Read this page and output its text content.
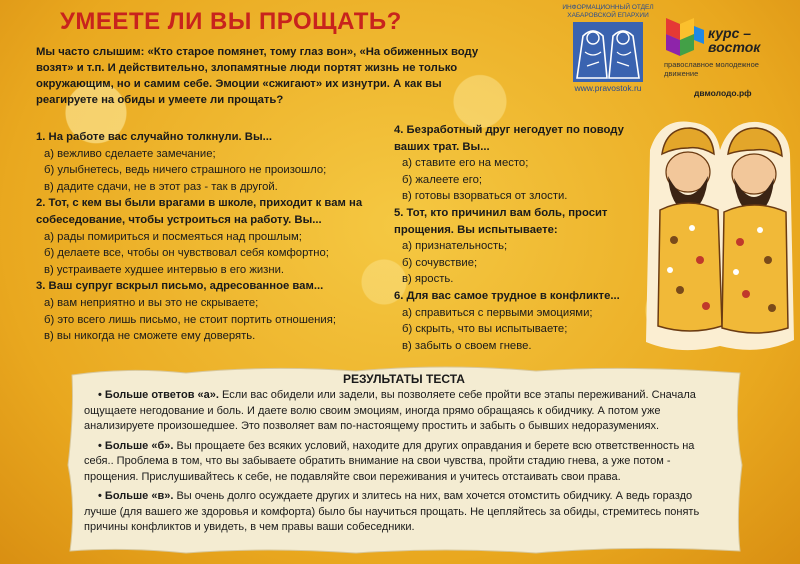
УМЕЕТЕ ЛИ ВЫ ПРОЩАТЬ?

Мы часто слышим: «Кто старое помянет, тому глаз вон», «На обиженных воду возят» и т.п. И действительно, злопамятные люди портят жизнь не только окружающим, но и самим себе. Эмоции «сжигают» их изнутри. А как вы реагируете на обиды и умеете ли прощать?

ИНФОРМАЦИОННЫЙ ОТДЕЛ ХАБАРОВСКОЙ ЕПАРХИИ
www.pravostok.ru
курс –
восток
православное молодежное движение
двмолодо.рф
1. На работе вас случайно толкнули. Вы...
а) вежливо сделаете замечание;
б) улыбнетесь, ведь ничего страшного не произошло;
в) дадите сдачи, не в этот раз - так в другой.
2. Тот, с кем вы были врагами в школе, приходит к вам на собеседование, чтобы устроиться на работу. Вы...
а) рады помириться и посмеяться над прошлым;
б) делаете все, чтобы он чувствовал себя комфортно;
в) устраиваете худшее интервью в его жизни.
3. Ваш супруг вскрыл письмо, адресованное вам...
а) вам неприятно и вы это не скрываете;
б) это всего лишь письмо, не стоит портить отношения;
в) вы никогда не сможете ему доверять.
4. Безработный друг негодует по поводу ваших трат. Вы...
а) ставите его на место;
б) жалеете его;
в) готовы взорваться от злости.
5. Тот, кто причинил вам боль, просит прощения. Вы испытываете:
а) признательность;
б) сочувствие;
в) ярость.
6. Для вас самое трудное в конфликте...
а) справиться с первыми эмоциями;
б) скрыть, что вы испытываете;
в) забыть о своем гневе.
РЕЗУЛЬТАТЫ ТЕСТА

• Больше ответов «а». Если вас обидели или задели, вы позволяете себе пройти все этапы переживаний. Сначала ощущаете негодование и боль. И даете волю своим эмоциям, иногда прямо обращаясь к обидчику. А потом уже анализируете произошедшее. Это позволяет вам по-настоящему простить и забыть о бывших недоразумениях.

• Больше «б». Вы прощаете без всяких условий, находите для других оправдания и берете всю ответственность на себя.. Проблема в том, что вы забываете обратить внимание на свои чувства, пройти стадию гнева, а уже потом - прощения. Прислушивайтесь к себе, не подавляйте свои переживания и учитесь отстаивать свои права.

• Больше «в». Вы очень долго осуждаете других и злитесь на них, вам хочется отомстить обидчику. А ведь гораздо лучше (для вашего же здоровья и комфорта) было бы научиться прощать. Не цепляйтесь за обиды, стремитесь понять причины конфликтов и увидеть, в чем правы ваши собеседники.
